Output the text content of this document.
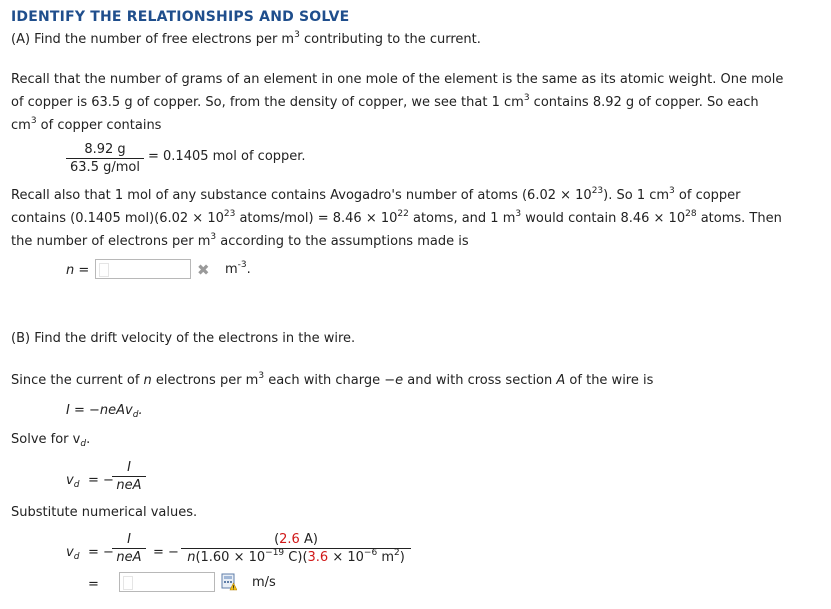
IDENTIFY THE RELATIONSHIPS AND SOLVE
(A) Find the number of free electrons per $m^3$ contributing to the current.
Recall that the number of grams of an element in one mole of the element is the same as its atomic weight. One mole
of copper is 63.5 g of copper. So, from the density of copper, we see that 1 $cm^3$ contains 8.92 g of copper. So each
$cm^3$ of copper contains
8.92 g
63.5 g/mol
= 0.1405 mol of copper.
Recall also that 1 mol of any substance contains Avogadro's number of atoms $(6.02 \times 10^{23})$. So 1 $cm^3$ of copper
contains (0.1405 $mol)(6.02 \times 10^{23}$ atoms/mol) = $8.46 \times 10^{22}$ atoms, and 1 $m^3$ would contain $8.46 \times 10^{28}$ atoms. Then
the number of electrons per $m^3$ according to the assumptions made is
n =	✖ $m^{-3}$.
(B) Find the drift velocity of the electrons in the wire.
Since the current of n electrons per $m^3$ each with charge −e and with cross section A of the wire is
I = −neAv$_d$.
Solve for $v_d$.
$v_d$ = −
I
neA
Substitute numerical values.
$v_d$ = −
I
neA = −
(2.6 A)
$n(1.60 \times 10^{-19}$ $C)(3.6 \times 10^{-6}$ $m^2$)
=	m/s
